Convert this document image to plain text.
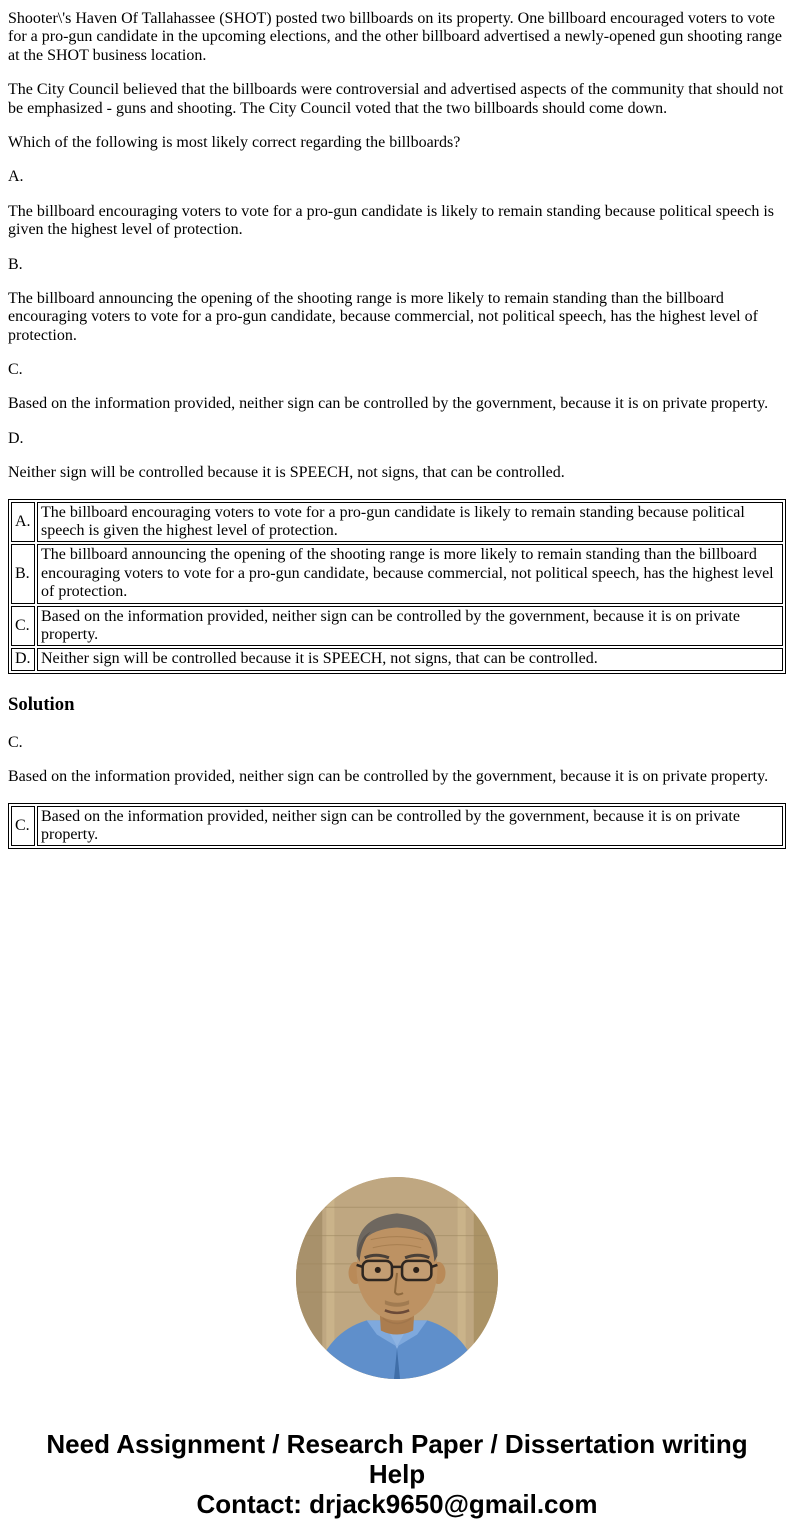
Shooter\'s Haven Of Tallahassee (SHOT) posted two billboards on its property. One billboard encouraged voters to vote for a pro-gun candidate in the upcoming elections, and the other billboard advertised a newly-opened gun shooting range at the SHOT business location.

The City Council believed that the billboards were controversial and advertised aspects of the community that should not be emphasized - guns and shooting. The City Council voted that the two billboards should come down.

Which of the following is most likely correct regarding the billboards?

A.

The billboard encouraging voters to vote for a pro-gun candidate is likely to remain standing because political speech is given the highest level of protection.

B.

The billboard announcing the opening of the shooting range is more likely to remain standing than the billboard encouraging voters to vote for a pro-gun candidate, because commercial, not political speech, has the highest level of protection.

C.

Based on the information provided, neither sign can be controlled by the government, because it is on private property.

D.

Neither sign will be controlled because it is SPEECH, not signs, that can be controlled.

A.	The billboard encouraging voters to vote for a pro-gun candidate is likely to remain standing because political speech is given the highest level of protection.
B.	The billboard announcing the opening of the shooting range is more likely to remain standing than the billboard encouraging voters to vote for a pro-gun candidate, because commercial, not political speech, has the highest level of protection.
C.	Based on the information provided, neither sign can be controlled by the government, because it is on private property.
D.	Neither sign will be controlled because it is SPEECH, not signs, that can be controlled.
Solution

C.

Based on the information provided, neither sign can be controlled by the government, because it is on private property.

C.	Based on the information provided, neither sign can be controlled by the government, because it is on private property.
Need Assignment / Research Paper / Dissertation writing Help
Contact: drjack9650@gmail.com
